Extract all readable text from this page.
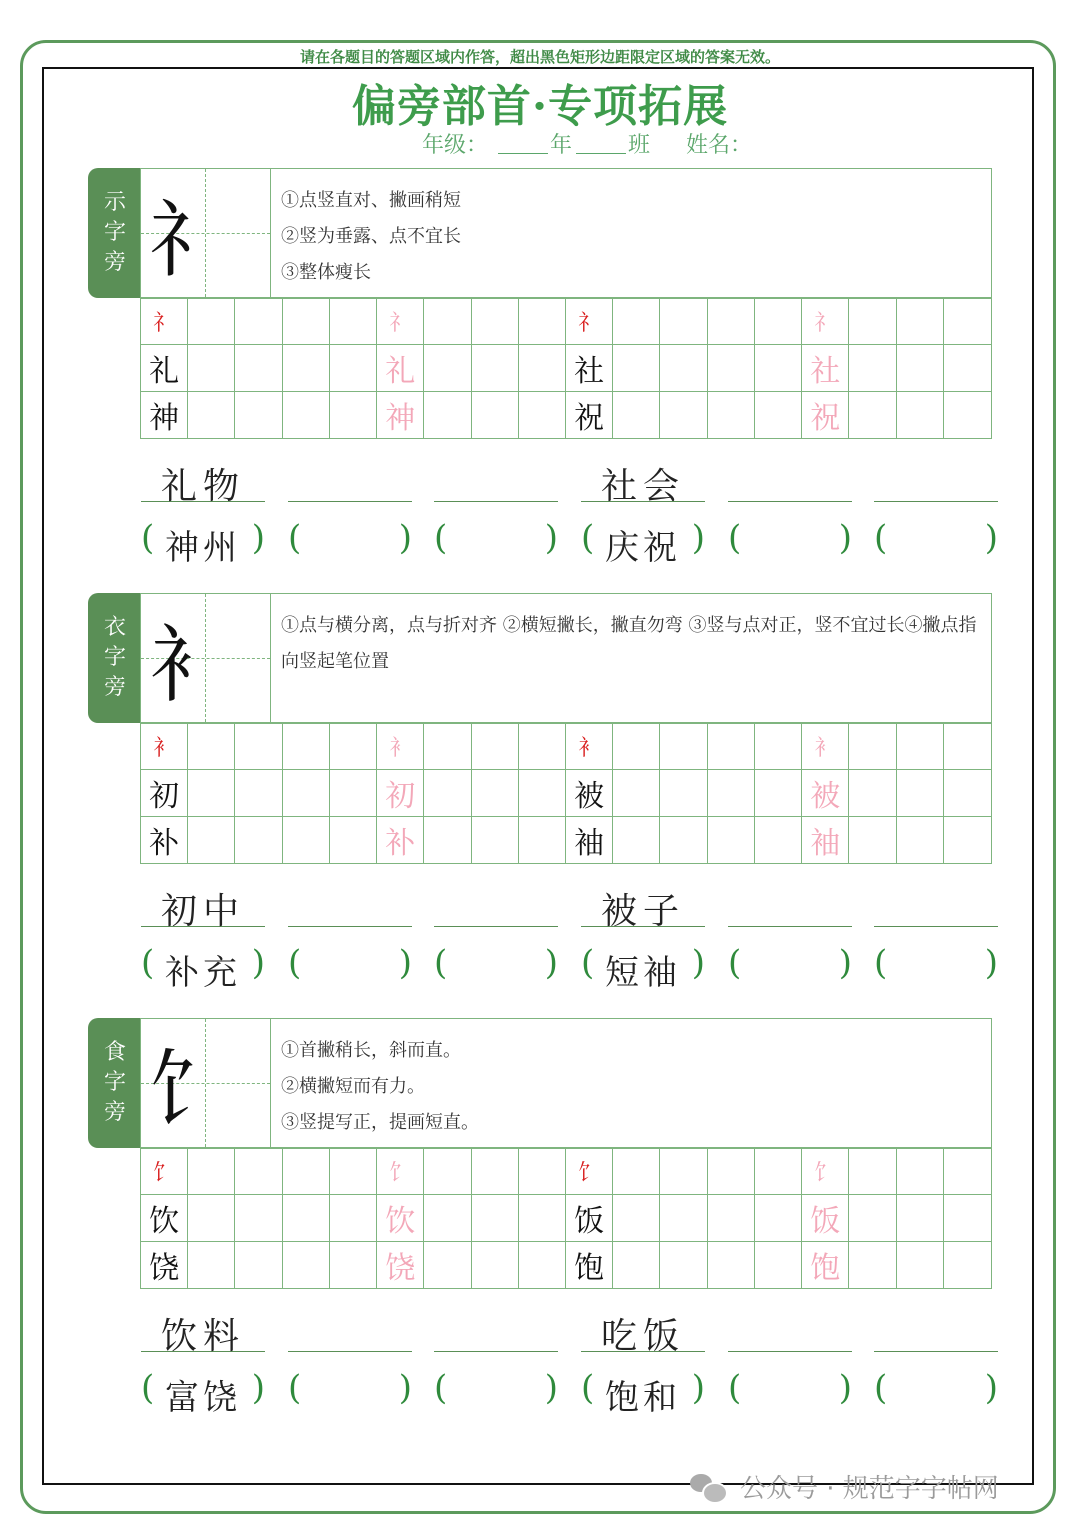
请在各题目的答题区域内作答，超出黑色矩形边距限定区域的答案无效。
偏旁部首·专项拓展
年级：	年	班 姓名：
示
字
旁 礻	①点竖直对、撇画稍短
②竖为垂露、点不宜长
③整体瘦长
礻	礻	礻	礻
礼	礼	社	社
神	神	祝	祝
衣
字
旁 衤	①点与横分离，点与折对齐 ②横短撇长，撇直勿弯 ③竖与点对正，竖不宜过长④撇点指向竖起笔位置
衤	衤	衤	衤
初	初	被	被
补	补	袖	袖
食
字
旁 饣	①首撇稍长，斜而直。
②横撇短而有力。
③竖提写正，提画短直。
饣	饣	饣	饣
饮	饮	饭	饭
饶	饶	饱	饱
公众号 · 规范字字帖网
礼物
( 神州 ) (	) (	)
社会
( 庆祝 ) (	) (	)
初中
( 补充 ) (	) (	)
被子
( 短袖 ) (	) (	)
饮料
( 富饶 ) (	) (	)
吃饭
( 饱和 ) (	) (	)
